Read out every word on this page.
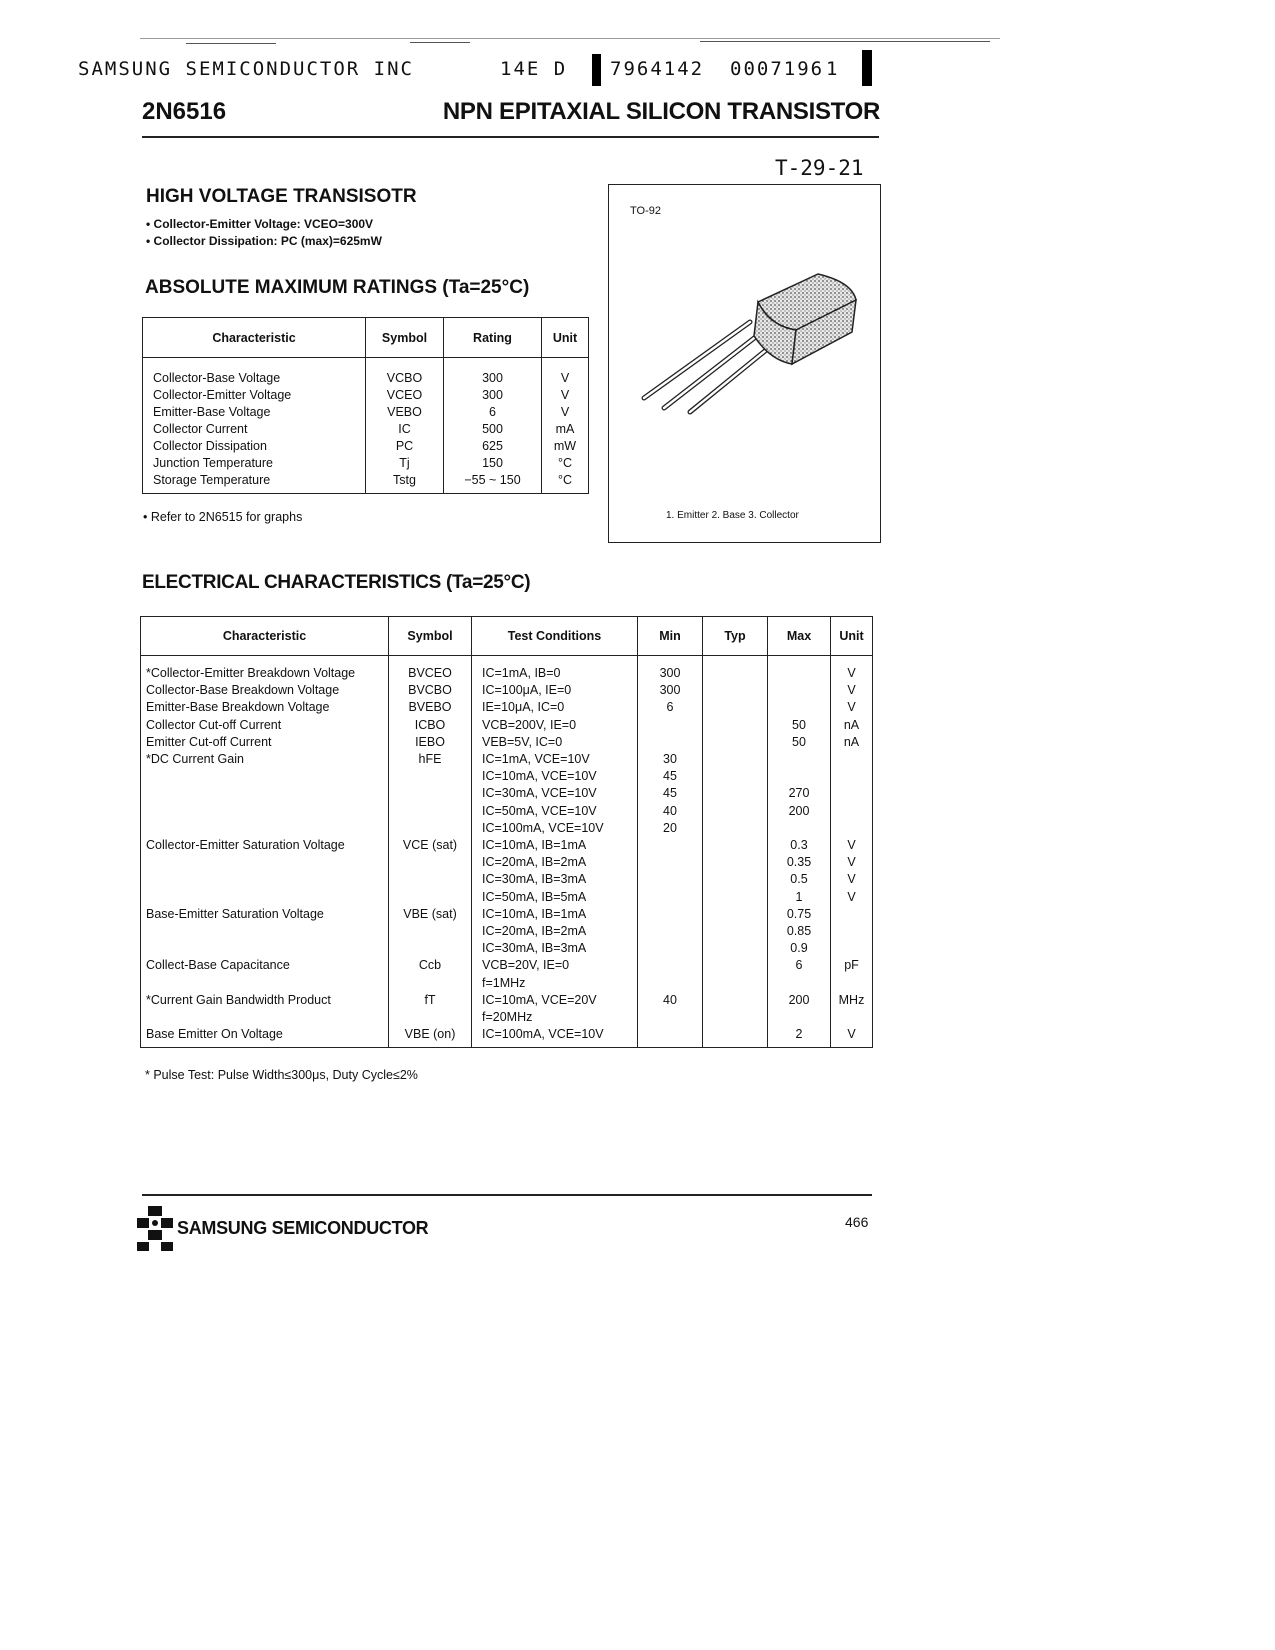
SAMSUNG SEMICONDUCTOR INC	14E D 7964142 0007196 1
2N6516	NPN EPITAXIAL SILICON TRANSISTOR
T-29-21
HIGH VOLTAGE TRANSISOTR
• Collector-Emitter Voltage: VCEO=300V
• Collector Dissipation: PC (max)=625mW
ABSOLUTE MAXIMUM RATINGS (Ta=25°C)
Characteristic	Symbol	Rating	Unit
Collector-Base Voltage	VCBO	300	V
Collector-Emitter Voltage	VCEO	300	V
Emitter-Base Voltage	VEBO	6	V
Collector Current	IC	500	mA
Collector Dissipation	PC	625	mW
Junction Temperature	Tj	150	°C
Storage Temperature	Tstg	−55 ~ 150	°C
• Refer to 2N6515 for graphs
TO-92
1. Emitter 2. Base 3. Collector
ELECTRICAL CHARACTERISTICS (Ta=25°C)
Characteristic	Symbol	Test Conditions	Min	Typ	Max	Unit
*Collector-Emitter Breakdown Voltage	BVCEO	IC=1mA, IB=0	300			V
Collector-Base Breakdown Voltage	BVCBO	IC=100μA, IE=0	300			V
Emitter-Base Breakdown Voltage	BVEBO	IE=10μA, IC=0	6			V
Collector Cut-off Current	ICBO	VCB=200V, IE=0			50	nA
Emitter Cut-off Current	IEBO	VEB=5V, IC=0			50	nA
*DC Current Gain	hFE	IC=1mA, VCE=10V	30			
		IC=10mA, VCE=10V	45			
		IC=30mA, VCE=10V	45		270	
		IC=50mA, VCE=10V	40		200	
		IC=100mA, VCE=10V	20			
Collector-Emitter Saturation Voltage	VCE (sat)	IC=10mA, IB=1mA			0.3	V
		IC=20mA, IB=2mA			0.35	V
		IC=30mA, IB=3mA			0.5	V
		IC=50mA, IB=5mA			1	V
Base-Emitter Saturation Voltage	VBE (sat)	IC=10mA, IB=1mA			0.75	
		IC=20mA, IB=2mA			0.85	
		IC=30mA, IB=3mA			0.9	
Collect-Base Capacitance	Ccb	VCB=20V, IE=0			6	pF
		f=1MHz				
*Current Gain Bandwidth Product	fT	IC=10mA, VCE=20V	40		200	MHz
		f=20MHz				
Base Emitter On Voltage	VBE (on)	IC=100mA, VCE=10V			2	V
* Pulse Test: Pulse Width≤300μs, Duty Cycle≤2%
SAMSUNG SEMICONDUCTOR	466
